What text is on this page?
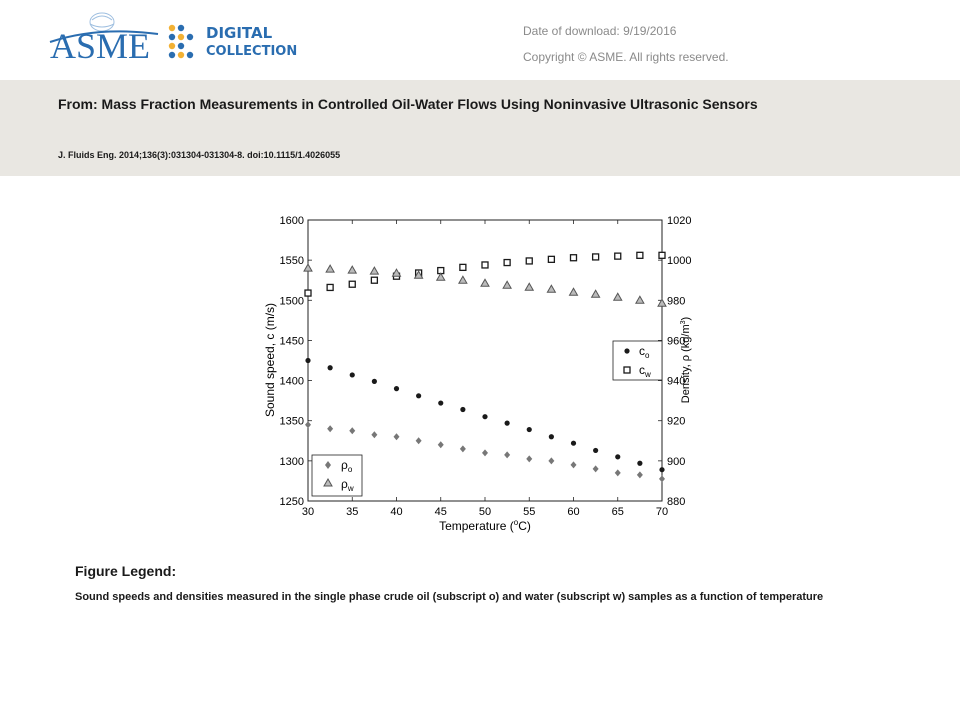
ASME	DIGITAL
COLLECTION
Date of download: 9/19/2016
Copyright © ASME. All rights reserved.
From: Mass Fraction Measurements in Controlled Oil-Water Flows Using Noninvasive Ultrasonic Sensors
J. Fluids Eng. 2014;136(3):031304-031304-8. doi:10.1115/1.4026055
30	35	40	45	50	55	60	65	70
1250
1300
1350
1400
1450
1500
1550
1600
880
900
920
940
960
980
1000
1020
$c_o$
$c_w$
$\rho_o$
$\rho_w$
Temperature ($^o$C)
Sound speed, c (m/s)	Density, ρ $(kg/m^3)$
Figure Legend:
Sound speeds and densities measured in the single phase crude oil (subscript o) and water (subscript w) samples as a function of temperature
